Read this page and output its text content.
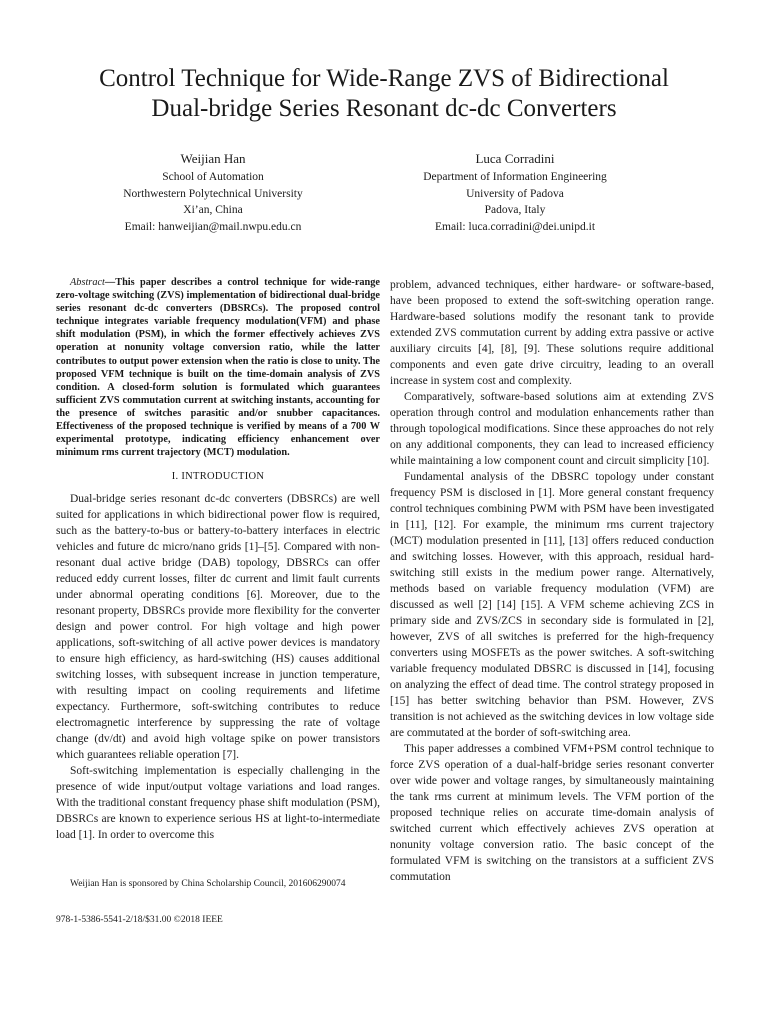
Control Technique for Wide-Range ZVS of Bidirectional
Dual-bridge Series Resonant dc-dc Converters
Weijian Han
School of Automation
Northwestern Polytechnical University
Xi’an, China
Email: hanweijian@mail.nwpu.edu.cn
Luca Corradini
Department of Information Engineering
University of Padova
Padova, Italy
Email: luca.corradini@dei.unipd.it

Abstract—This paper describes a control technique for wide-range zero-voltage switching (ZVS) implementation of bidirectional dual-bridge series resonant dc-dc converters (DBSRCs). The proposed control technique integrates variable frequency modulation(VFM) and phase shift modulation (PSM), in which the former effectively achieves ZVS operation at nonunity voltage conversion ratio, while the latter contributes to output power extension when the ratio is close to unity. The proposed VFM technique is built on the time-domain analysis of ZVS condition. A closed-form solution is formulated which guarantees sufficient ZVS commutation current at switching instants, accounting for the presence of switches parasitic and/or snubber capacitances. Effectiveness of the proposed technique is verified by means of a 700 W experimental prototype, indicating efficiency enhancement over minimum rms current trajectory (MCT) modulation.

I. INTRODUCTION

Dual-bridge series resonant dc-dc converters (DBSRCs) are well suited for applications in which bidirectional power flow is required, such as the battery-to-bus or battery-to-battery interfaces in electric vehicles and future dc micro/nano grids [1]–[5]. Compared with non-resonant dual active bridge (DAB) topology, DBSRCs can offer reduced eddy current losses, filter dc current and limit fault currents under abnormal operating conditions [6]. Moreover, due to the resonant property, DBSRCs provide more flexibility for the converter design and power control. For high voltage and high power applications, soft-switching of all active power devices is mandatory to ensure high efficiency, as hard-switching (HS) causes additional switching losses, with subsequent increase in junction temperature, with resulting impact on cooling requirements and lifetime expectancy. Furthermore, soft-switching contributes to reduce electromagnetic interference by suppressing the rate of voltage change (dv/dt) and avoid high voltage spike on power transistors which guarantees reliable operation [7].

Soft-switching implementation is especially challenging in the presence of wide input/output voltage variations and load ranges. With the traditional constant frequency phase shift modulation (PSM), DBSRCs are known to experience serious HS at light-to-intermediate load [1]. In order to overcome this

problem, advanced techniques, either hardware- or software-based, have been proposed to extend the soft-switching operation range. Hardware-based solutions modify the resonant tank to provide extended ZVS commutation current by adding extra passive or active auxiliary circuits [4], [8], [9]. These solutions require additional components and even gate drive circuitry, leading to an overall increase in system cost and complexity.

Comparatively, software-based solutions aim at extending ZVS operation through control and modulation enhancements rather than through topological modifications. Since these approaches do not rely on any additional components, they can lead to increased efficiency while maintaining a low component count and circuit simplicity [10].

Fundamental analysis of the DBSRC topology under constant frequency PSM is disclosed in [1]. More general constant frequency control techniques combining PWM with PSM have been investigated in [11], [12]. For example, the minimum rms current trajectory (MCT) modulation presented in [11], [13] offers reduced conduction and switching losses. However, with this approach, residual hard-switching still exists in the medium power range. Alternatively, methods based on variable frequency modulation (VFM) are discussed as well [2] [14] [15]. A VFM scheme achieving ZCS in primary side and ZVS/ZCS in secondary side is formulated in [2], however, ZVS of all switches is preferred for the high-frequency converters using MOSFETs as the power switches. A soft-switching variable frequency modulated DBSRC is discussed in [14], focusing on analyzing the effect of dead time. The control strategy proposed in [15] has better switching behavior than PSM. However, ZVS transition is not achieved as the switching devices in low voltage side are commutated at the border of soft-switching area.

This paper addresses a combined VFM+PSM control technique to force ZVS operation of a dual-half-bridge series resonant converter over wide power and voltage ranges, by simultaneously maintaining the tank rms current at minimum levels. The VFM portion of the proposed technique relies on accurate time-domain analysis of switched current which effectively achieves ZVS operation at nonunity voltage conversion ratio. The basic concept of the formulated VFM is switching on the transistors at a sufficient ZVS commutation

Weijian Han is sponsored by China Scholarship Council, 201606290074
978-1-5386-5541-2/18/$31.00 ©2018 IEEE
